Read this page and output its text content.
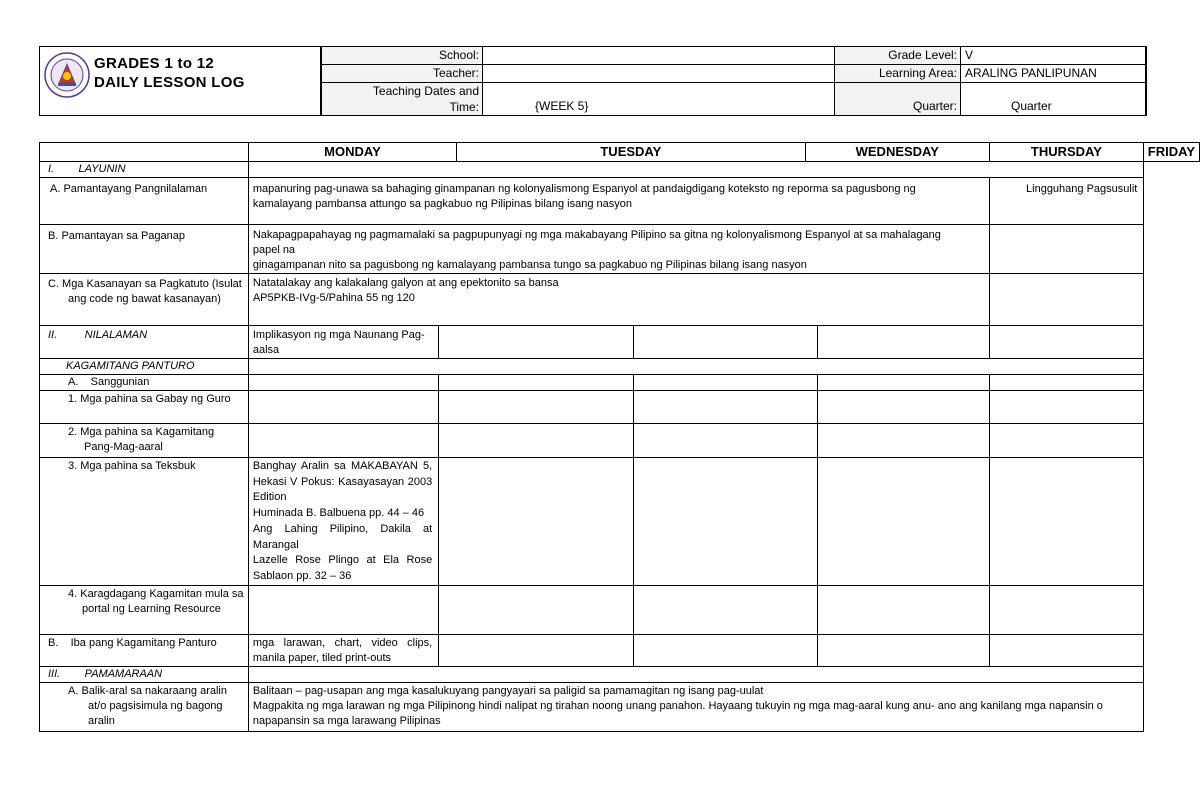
GRADES 1 to 12
DAILY LESSON LOG
School:		Grade Level:	V
Teacher:		Learning Area:	ARALING PANLIPUNAN

Teaching Dates and
Time:	{WEEK 5}	Quarter:	Quarter
	MONDAY		TUESDAY		WEDNESDAY		THURSDAY	FRIDAY
I.        LAYUNIN								
A. Pamantayang Pangnilalaman	mapanuring pag-unawa sa bahaging ginampanan ng kolonyalismong Espanyol at pandaigdigang koteksto ng reporma sa pagusbong ng kamalayang pambansa attungo sa pagkabuo ng Pilipinas bilang isang nasyon						Lingguhang Pagsusulit	

B. Pamantayan sa Paganap	Nakapagpapahayag ng pagmamalaki sa pagpupunyagi ng mga makabayang Pilipino sa gitna ng kolonyalismong Espanyol at sa mahalagang papel na
ginagampanan nito sa pagusbong ng kamalayang pambansa tungo sa pagkabuo ng Pilipinas bilang isang nasyon							

C. Mga Kasanayan sa Pagkatuto (Isulat ang code ng bawat kasanayan)	Natatalakay ang kalakalang galyon at ang epektonito sa bansa
AP5PKB-IVg-5/Pahina 55 ng 120							

II.         NILALAMAN	Implikasyon ng mga Naunang Pag-aalsa							
KAGAMITANG PANTURO								
A.    Sanggunian								
1. Mga pahina sa Gabay ng Guro								
2. Mga pahina sa Kagamitang Pang-Mag-aaral								
3. Mga pahina sa Teksbuk	Banghay Aralin sa MAKABAYAN 5, Hekasi V Pokus: Kasayasayan 2003 Edition
Huminada B. Balbuena pp. 44 – 46
Ang Lahing Pilipino, Dakila at Marangal
Lazelle Rose Plingo at Ela Rose Sablaon pp. 32 – 36							

4. Karagdagang Kagamitan mula sa portal ng Learning Resource								
B.    Iba pang Kagamitang Panturo	mga larawan, chart, video clips, manila paper, tiled print-outs							
III.        PAMAMARAAN								
A. Balik-aral sa nakaraang aralin at/o pagsisimula ng bagong aralin	Balitaan – pag-usapan ang mga kasalukuyang pangyayari sa paligid sa pamamagitan ng isang pag-uulat
Magpakita ng mga larawan ng mga Pilipinong hindi nalipat ng tirahan noong unang panahon. Hayaang tukuyin ng mga mag-aaral kung anu- ano ang kanilang mga napansin o napapansin sa mga larawang Pilipinas							
